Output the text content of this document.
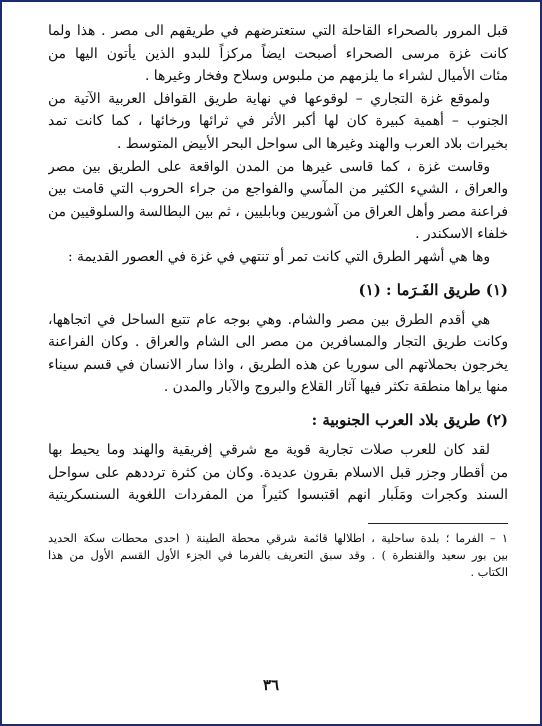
قبل المرور بالصحراء القاحلة التي ستعترضهم في طريقهم الى مصر . هذا ولما
كانت غزة مرسى الصحراء أصبحت ايضاً مركزاً للبدو الذين يأتون اليها من
مئات الأميال لشراء ما يلزمهم من ملبوس وسلاح وفخار وغيرها .
ولموقع غزة التجاري – لوقوعها في نهاية طريق القوافل العربية الآتية من
الجنوب – أهمية كبيرة كان لها أكبر الأثر في ثرائها ورخائها ، كما كانت تمد
بخيرات بلاد العرب والهند وغيرها الى سواحل البحر الأبيض المتوسط .
وقاست غزة ، كما قاسى غيرها من المدن الواقعة على الطريق بين مصر
والعراق ، الشيء الكثير من المآسي والفواجع من جراء الحروب التي قامت بين
فراعنة مصر وأهل العراق من آشوريين وبابليين ، ثم بين البطالسة والسلوقيين من
خلفاء الاسكندر .
وها هي أشهر الطرق التي كانت تمر أو تنتهي في غزة في العصور القديمة :
(١) طريق الفَـرَما : (١)
هي أقدم الطرق بين مصر والشام. وهي بوجه عام تتبع الساحل في اتجاهها،
وكانت طريق التجار والمسافرين من مصر الى الشام والعراق . وكان الفراعنة
يخرجون بحملاتهم الى سوريا عن هذه الطريق ، واذا سار الانسان في قسم سيناء
منها يراها منطقة تكثر فيها آثار القلاع والبروج والآبار والمدن .
(٢) طريق بلاد العرب الجنوبية :
لقد كان للعرب صلات تجارية قوية مع شرقي إفريقية والهند وما يحيط بها
من أقطار وجزر قبل الاسلام بقرون عديدة. وكان من كثرة ترددهم على سواحل
السند وكجرات ومَلَبار انهم اقتبسوا كثيراً من المفردات اللغوية السنسكريتية
١ – الفرما ؛ بلدة ساحلية ، اطلالها قائمة شرقي محطة الطينة ( احدى محطات سكة الحديد
بين بور سعيد والقنطرة ) . وقد سبق التعريف بالفرما في الجزء الأول القسم الأول من هذا
الكتاب .
٣٦
